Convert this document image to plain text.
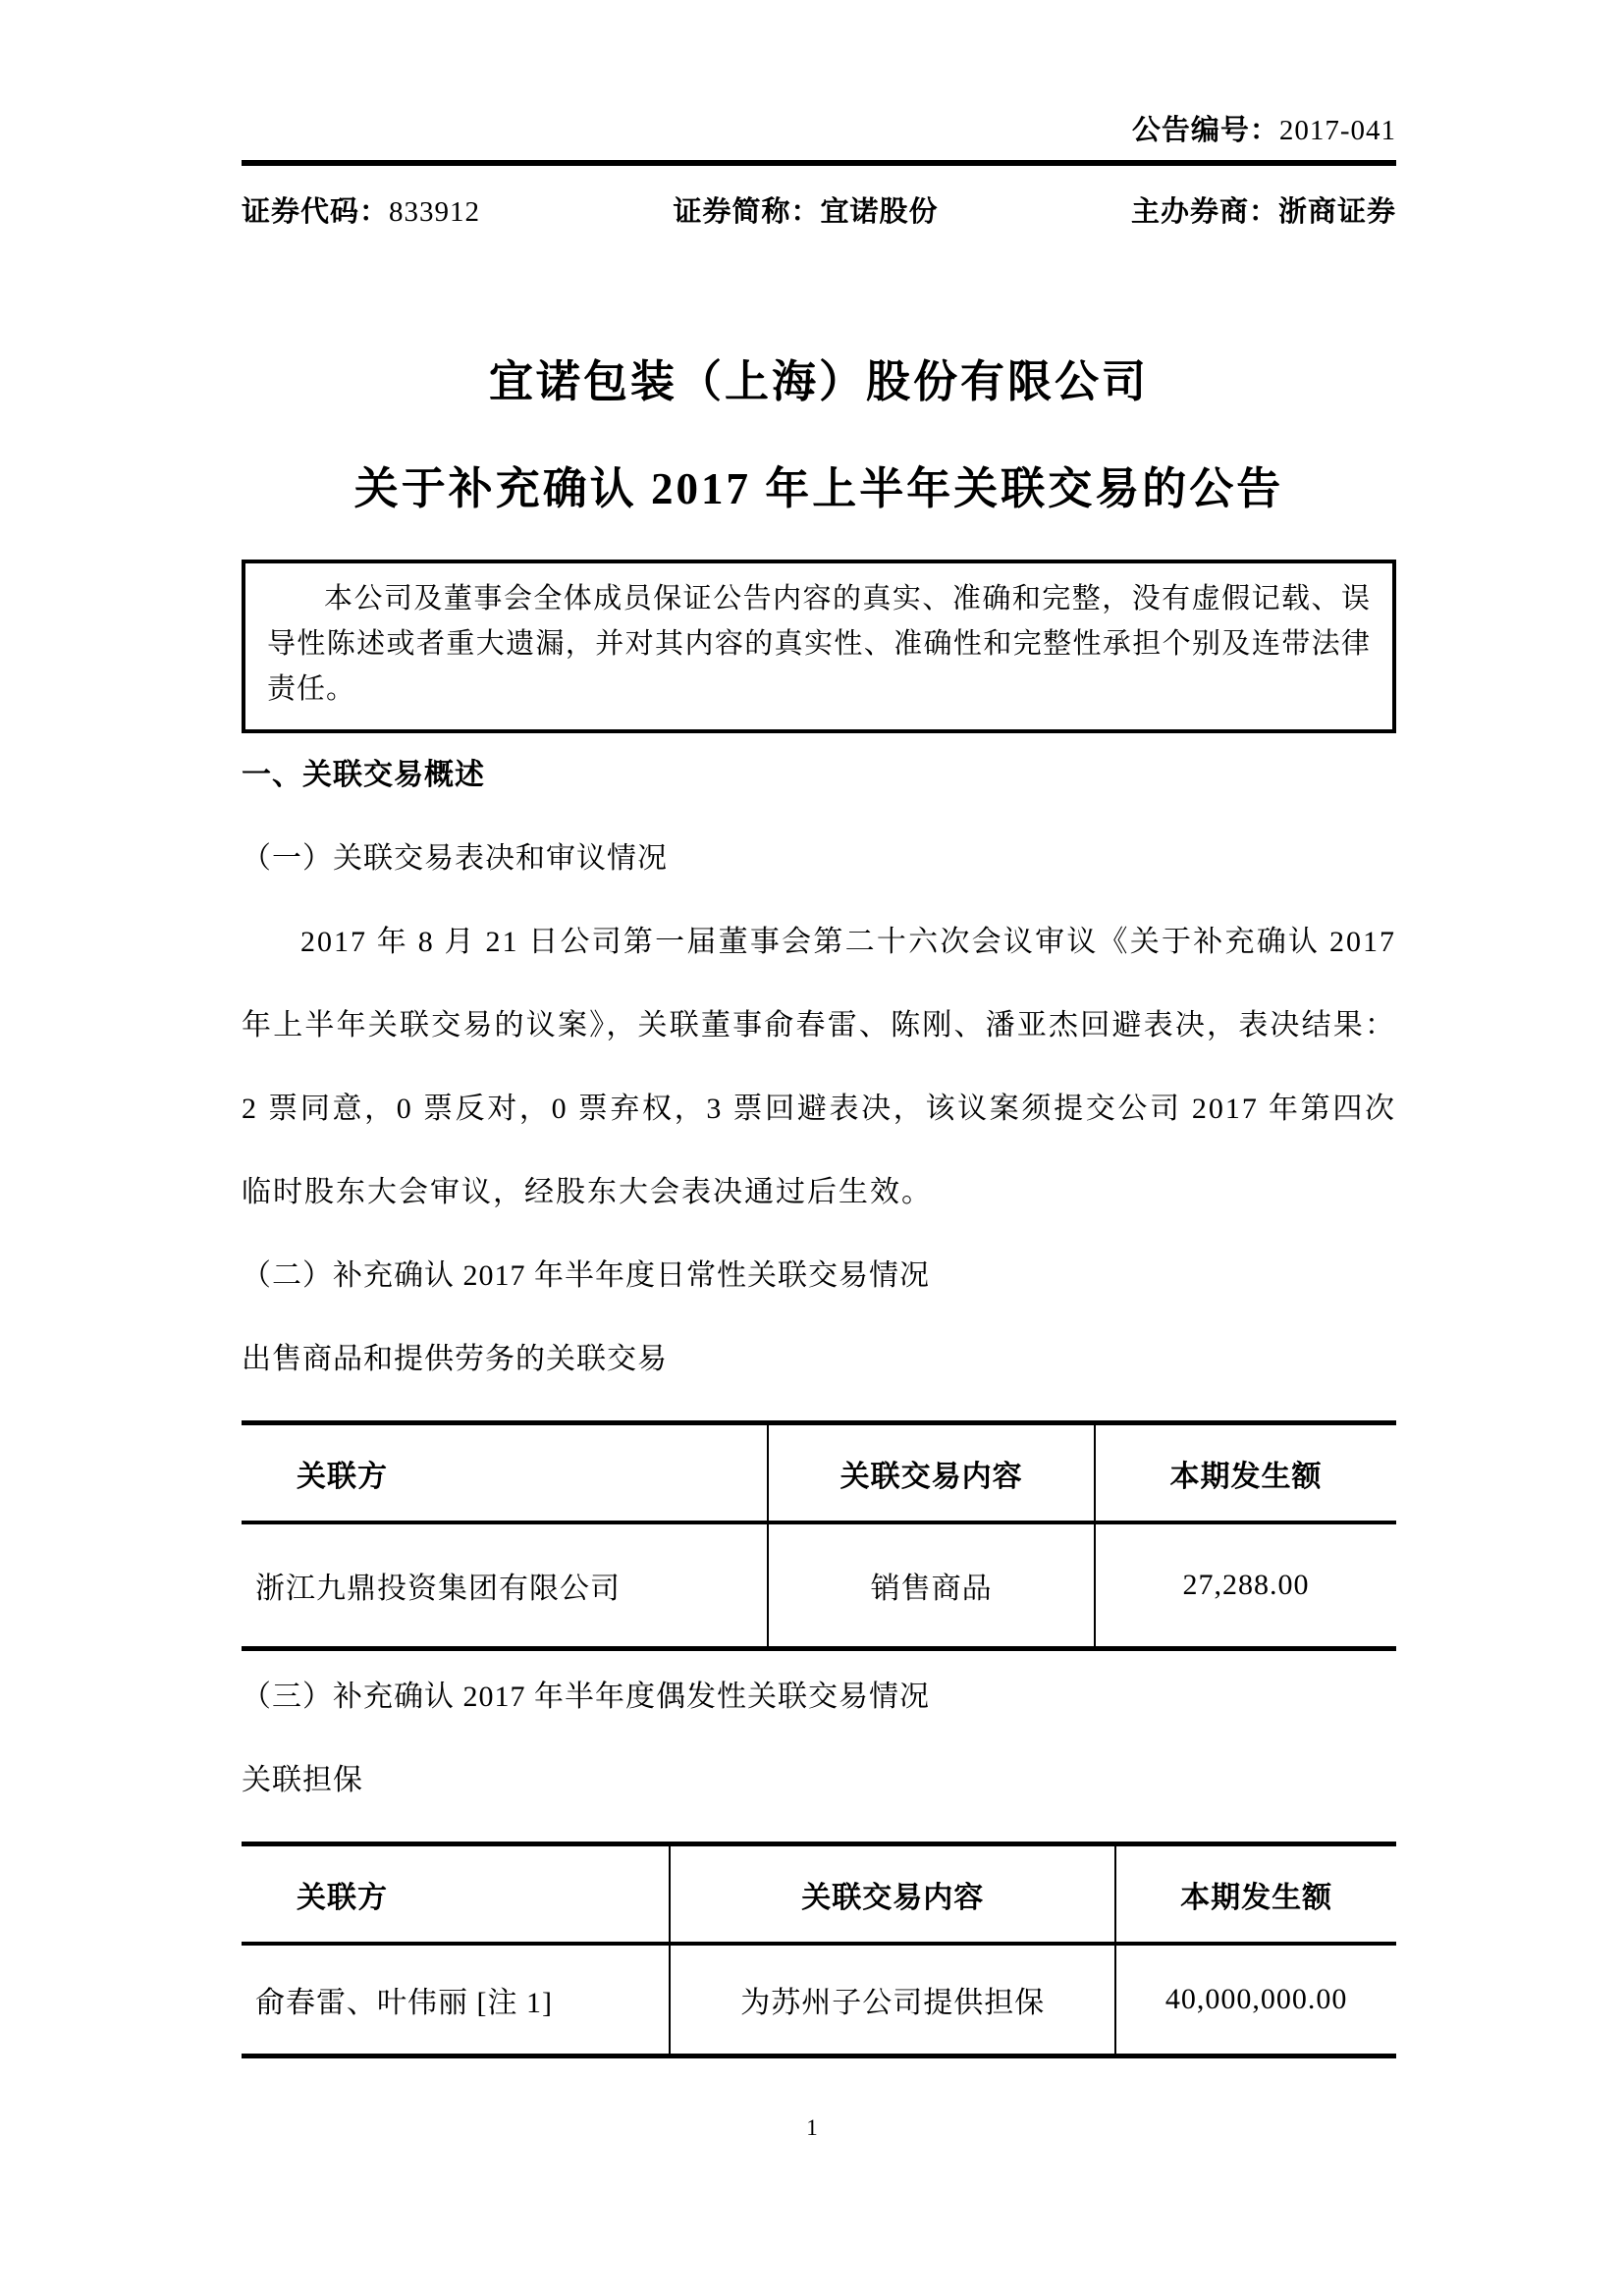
公告编号：2017-041
证券代码：833912	证券简称：宜诺股份	主办券商：浙商证券
宜诺包装（上海）股份有限公司
关于补充确认 2017 年上半年关联交易的公告

本公司及董事会全体成员保证公告内容的真实、准确和完整，没有虚假记载、误导性陈述或者重大遗漏，并对其内容的真实性、准确性和完整性承担个别及连带法律责任。

一、关联交易概述
（一）关联交易表决和审议情况

2017 年 8 月 21 日公司第一届董事会第二十六次会议审议《关于补充确认 2017 年上半年关联交易的议案》，关联董事俞春雷、陈刚、潘亚杰回避表决，表决结果：2 票同意，0 票反对，0 票弃权，3 票回避表决，该议案须提交公司 2017 年第四次临时股东大会审议，经股东大会表决通过后生效。

（二）补充确认 2017 年半年度日常性关联交易情况
出售商品和提供劳务的关联交易
关联方	关联交易内容	本期发生额
浙江九鼎投资集团有限公司	销售商品	27,288.00
（三）补充确认 2017 年半年度偶发性关联交易情况
关联担保
关联方	关联交易内容	本期发生额
俞春雷、叶伟丽 [注 1]	为苏州子公司提供担保	40,000,000.00
1
